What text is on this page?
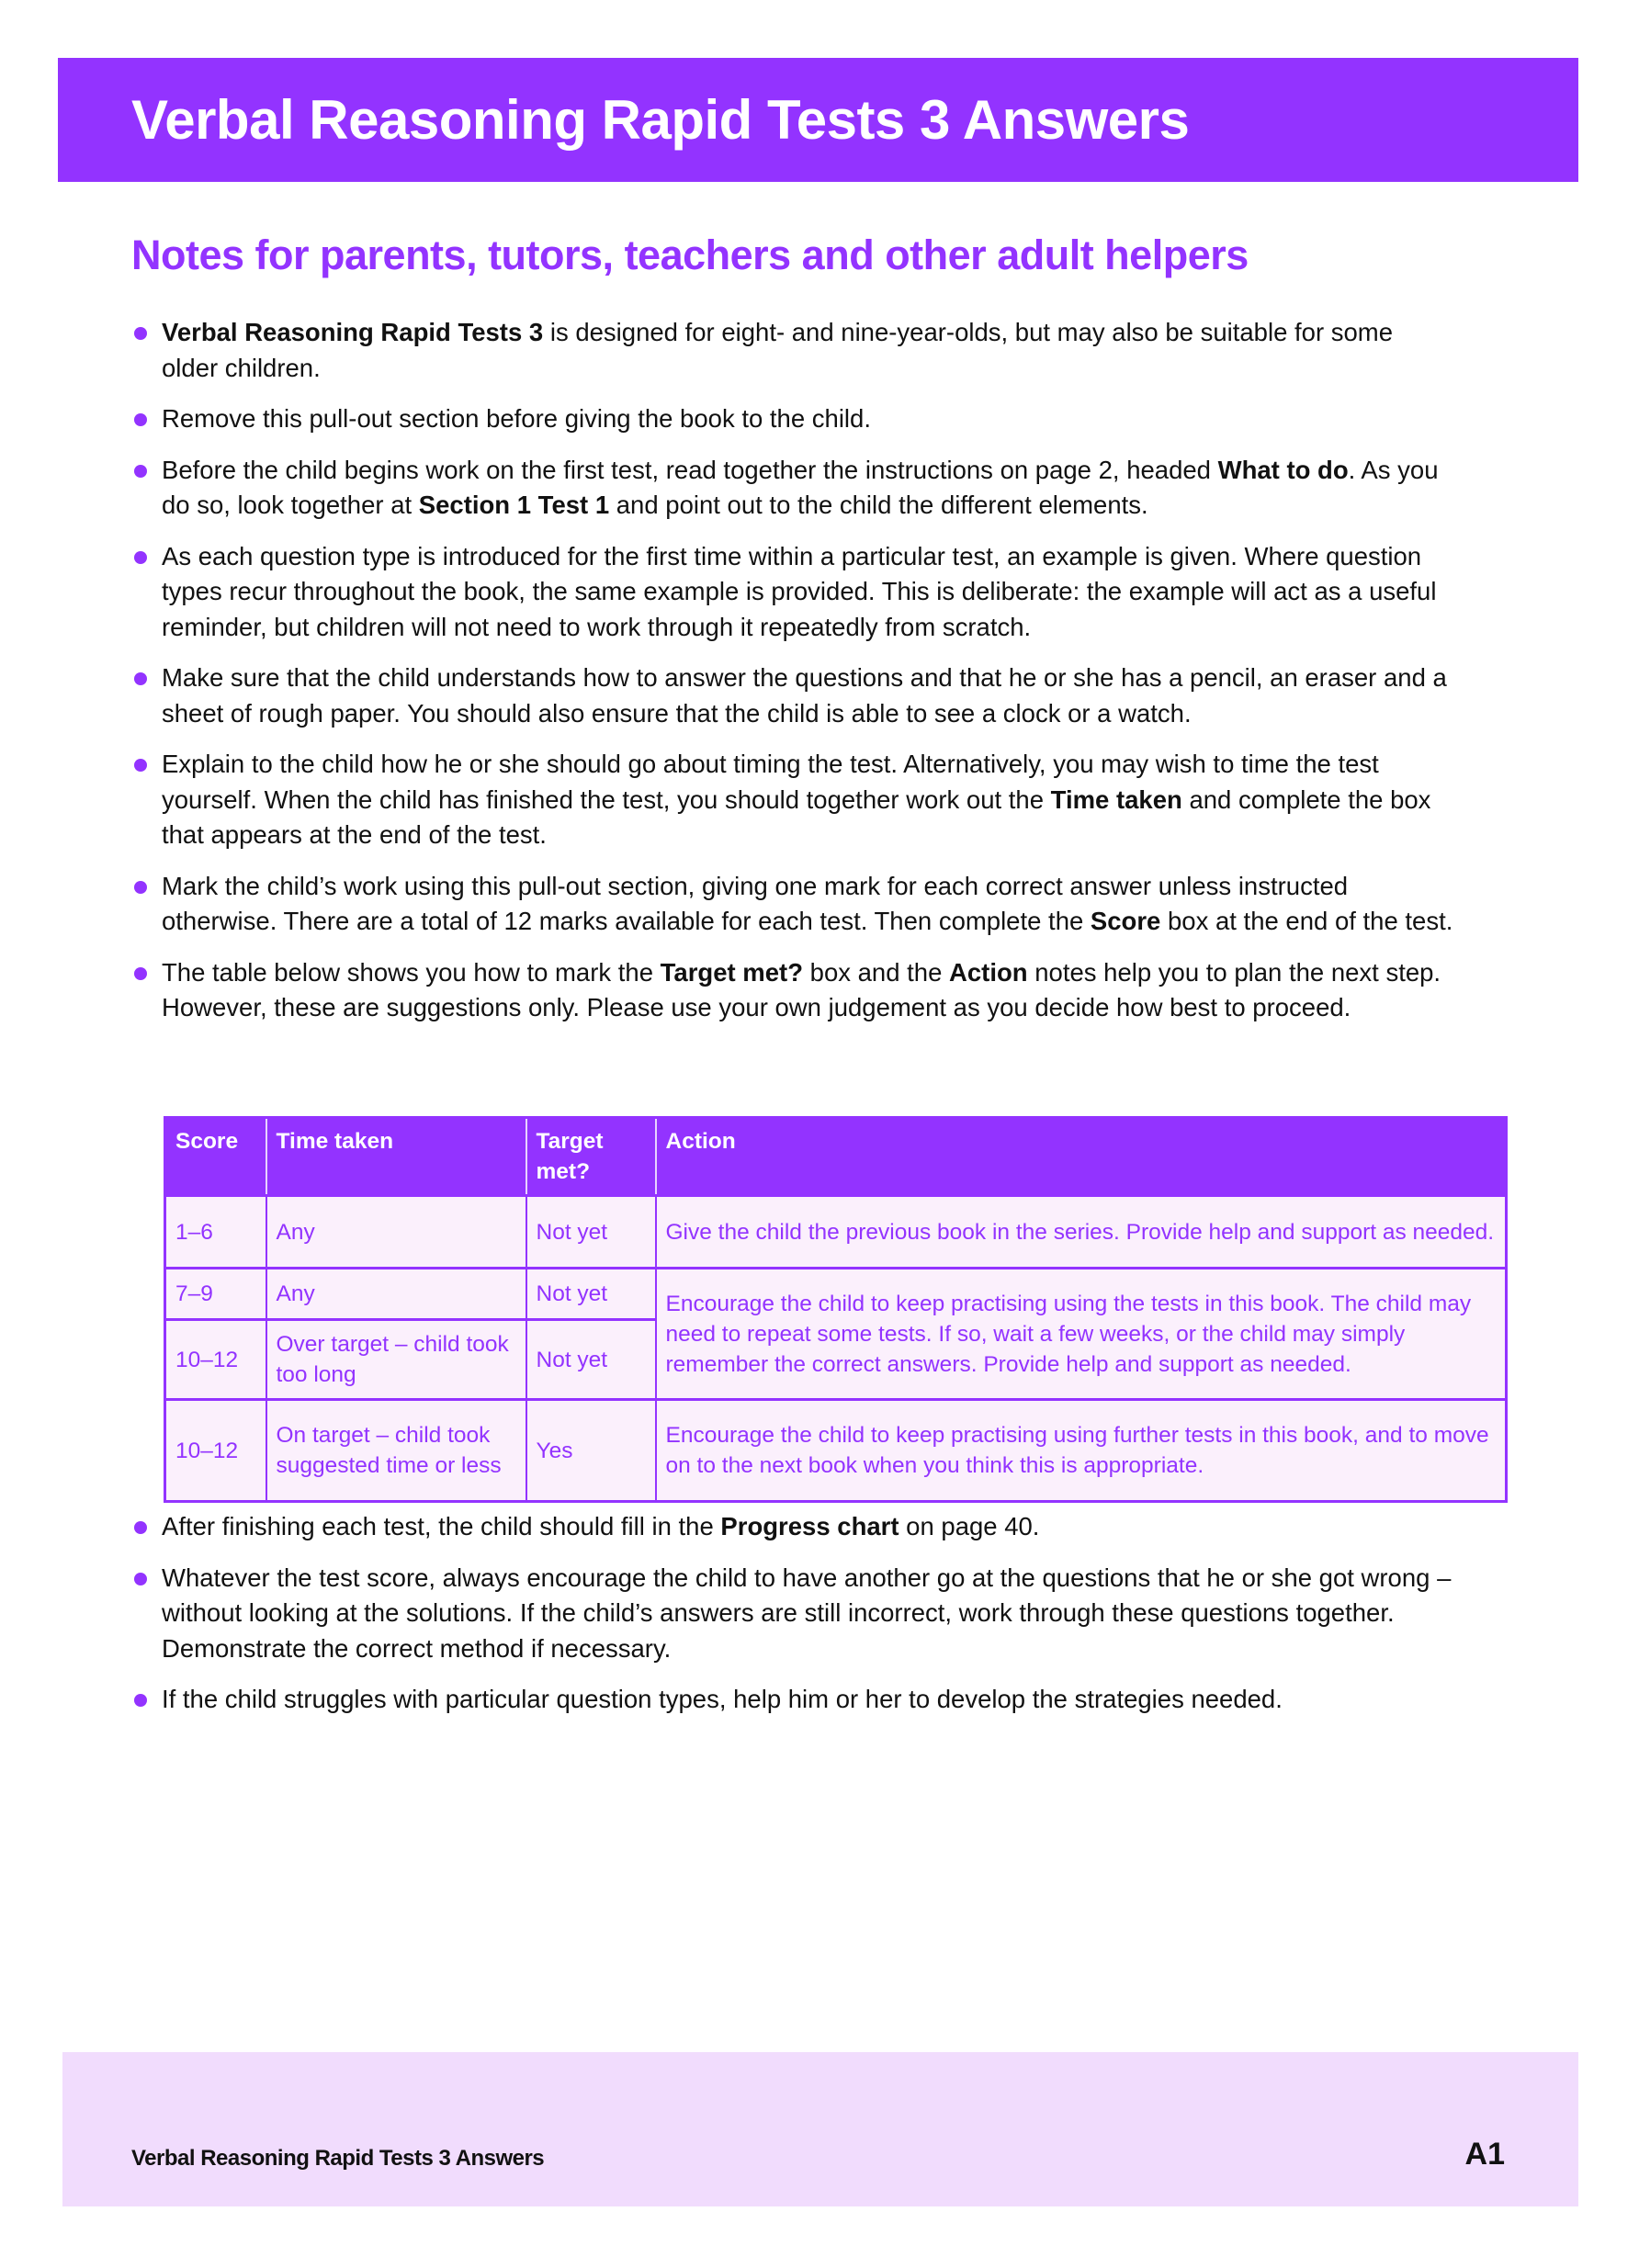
Verbal Reasoning Rapid Tests 3 Answers
Notes for parents, tutors, teachers and other adult helpers
Verbal Reasoning Rapid Tests 3 is designed for eight- and nine-year-olds, but may also be suitable for some older children.
Remove this pull-out section before giving the book to the child.
Before the child begins work on the first test, read together the instructions on page 2, headed What to do. As you do so, look together at Section 1 Test 1 and point out to the child the different elements.
As each question type is introduced for the first time within a particular test, an example is given. Where question types recur throughout the book, the same example is provided. This is deliberate: the example will act as a useful reminder, but children will not need to work through it repeatedly from scratch.
Make sure that the child understands how to answer the questions and that he or she has a pencil, an eraser and a sheet of rough paper. You should also ensure that the child is able to see a clock or a watch.
Explain to the child how he or she should go about timing the test. Alternatively, you may wish to time the test yourself. When the child has finished the test, you should together work out the Time taken and complete the box that appears at the end of the test.
Mark the child’s work using this pull-out section, giving one mark for each correct answer unless instructed otherwise. There are a total of 12 marks available for each test. Then complete the Score box at the end of the test.
The table below shows you how to mark the Target met? box and the Action notes help you to plan the next step. However, these are suggestions only. Please use your own judgement as you decide how best to proceed.
Score	Time taken	Target met?	Action
1–6	Any	Not yet	Give the child the previous book in the series. Provide help and support as needed.
7–9	Any	Not yet	Encourage the child to keep practising using the tests in this book. The child may need to repeat some tests. If so, wait a few weeks, or the child may simply remember the correct answers. Provide help and support as needed.
10–12	Over target – child took too long	Not yet	
10–12	On target – child took suggested time or less	Yes	Encourage the child to keep practising using further tests in this book, and to move on to the next book when you think this is appropriate.
After finishing each test, the child should fill in the Progress chart on page 40.
Whatever the test score, always encourage the child to have another go at the questions that he or she got wrong – without looking at the solutions. If the child’s answers are still incorrect, work through these questions together. Demonstrate the correct method if necessary.
If the child struggles with particular question types, help him or her to develop the strategies needed.
Verbal Reasoning Rapid Tests 3 Answers	A1
